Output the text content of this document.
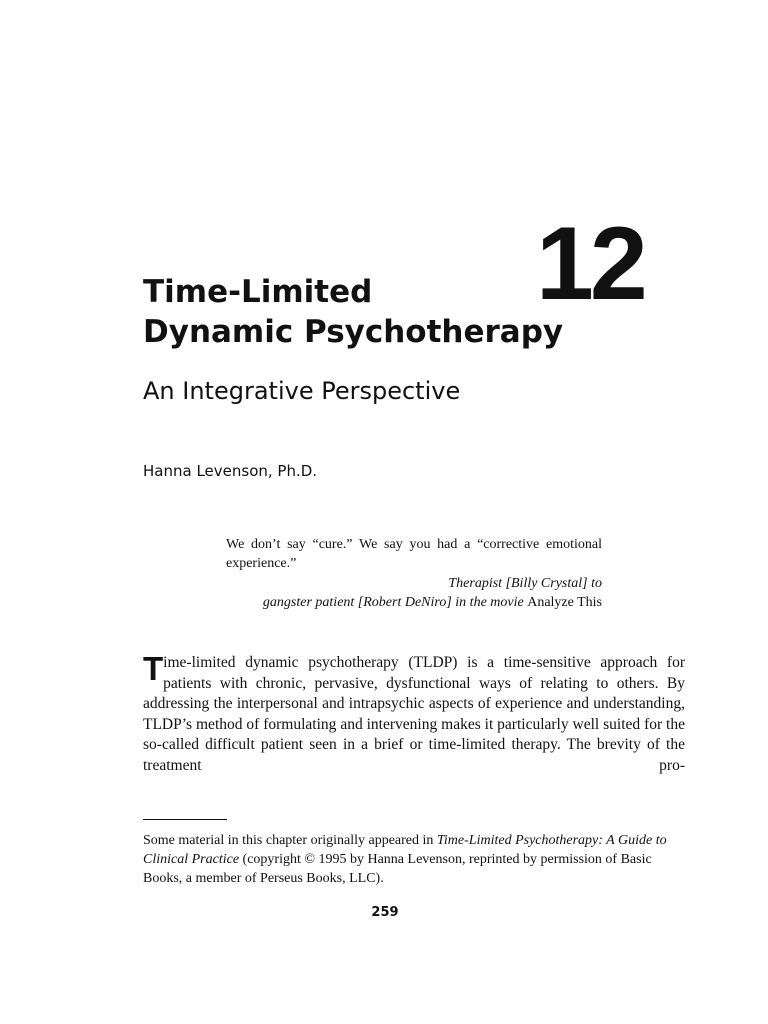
12
Time-Limited
Dynamic Psychotherapy
An Integrative Perspective
Hanna Levenson, Ph.D.
We don’t say “cure.” We say you had a “corrective emotional experience.”
Therapist [Billy Crystal] to
gangster patient [Robert DeNiro] in the movie Analyze This

Time-limited dynamic psychotherapy (TLDP) is a time-sensitive approach for patients with chronic, pervasive, dysfunctional ways of relating to others. By addressing the interpersonal and intrapsychic aspects of experience and understanding, TLDP’s method of formulating and intervening makes it particularly well suited for the so-called difficult patient seen in a brief or time-limited therapy. The brevity of the treatment pro-

Some material in this chapter originally appeared in Time-Limited Psychotherapy: A Guide to Clinical Practice (copyright © 1995 by Hanna Levenson, reprinted by permission of Basic Books, a member of Perseus Books, LLC).

259
